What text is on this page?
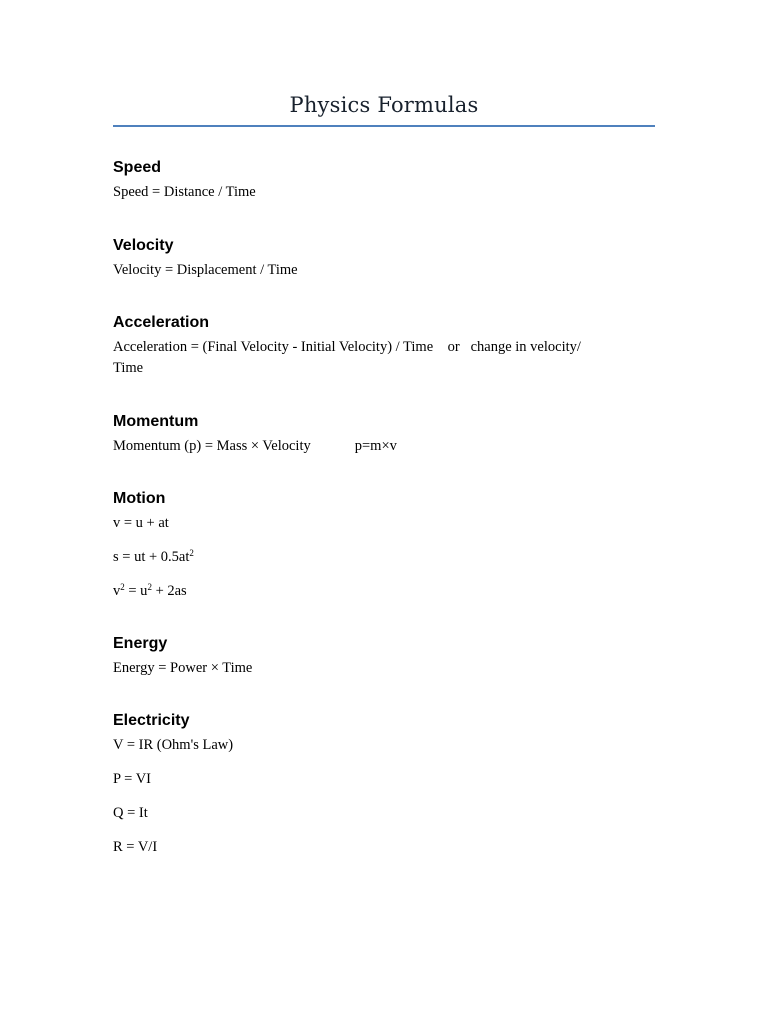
Physics Formulas
Speed
Speed = Distance / Time
Velocity
Velocity = Displacement / Time
Acceleration
Acceleration = (Final Velocity - Initial Velocity) / Time    or   change in velocity/
Time
Momentum
Momentum (p) = Mass × Velocity	p=m×v
Motion
v = u + at
s = ut + $0.5at^2$
$v^2 = u^2 + 2as$
Energy
Energy = Power × Time
Electricity
V = IR (Ohm's Law)
P = VI
Q = It
R = V/I
